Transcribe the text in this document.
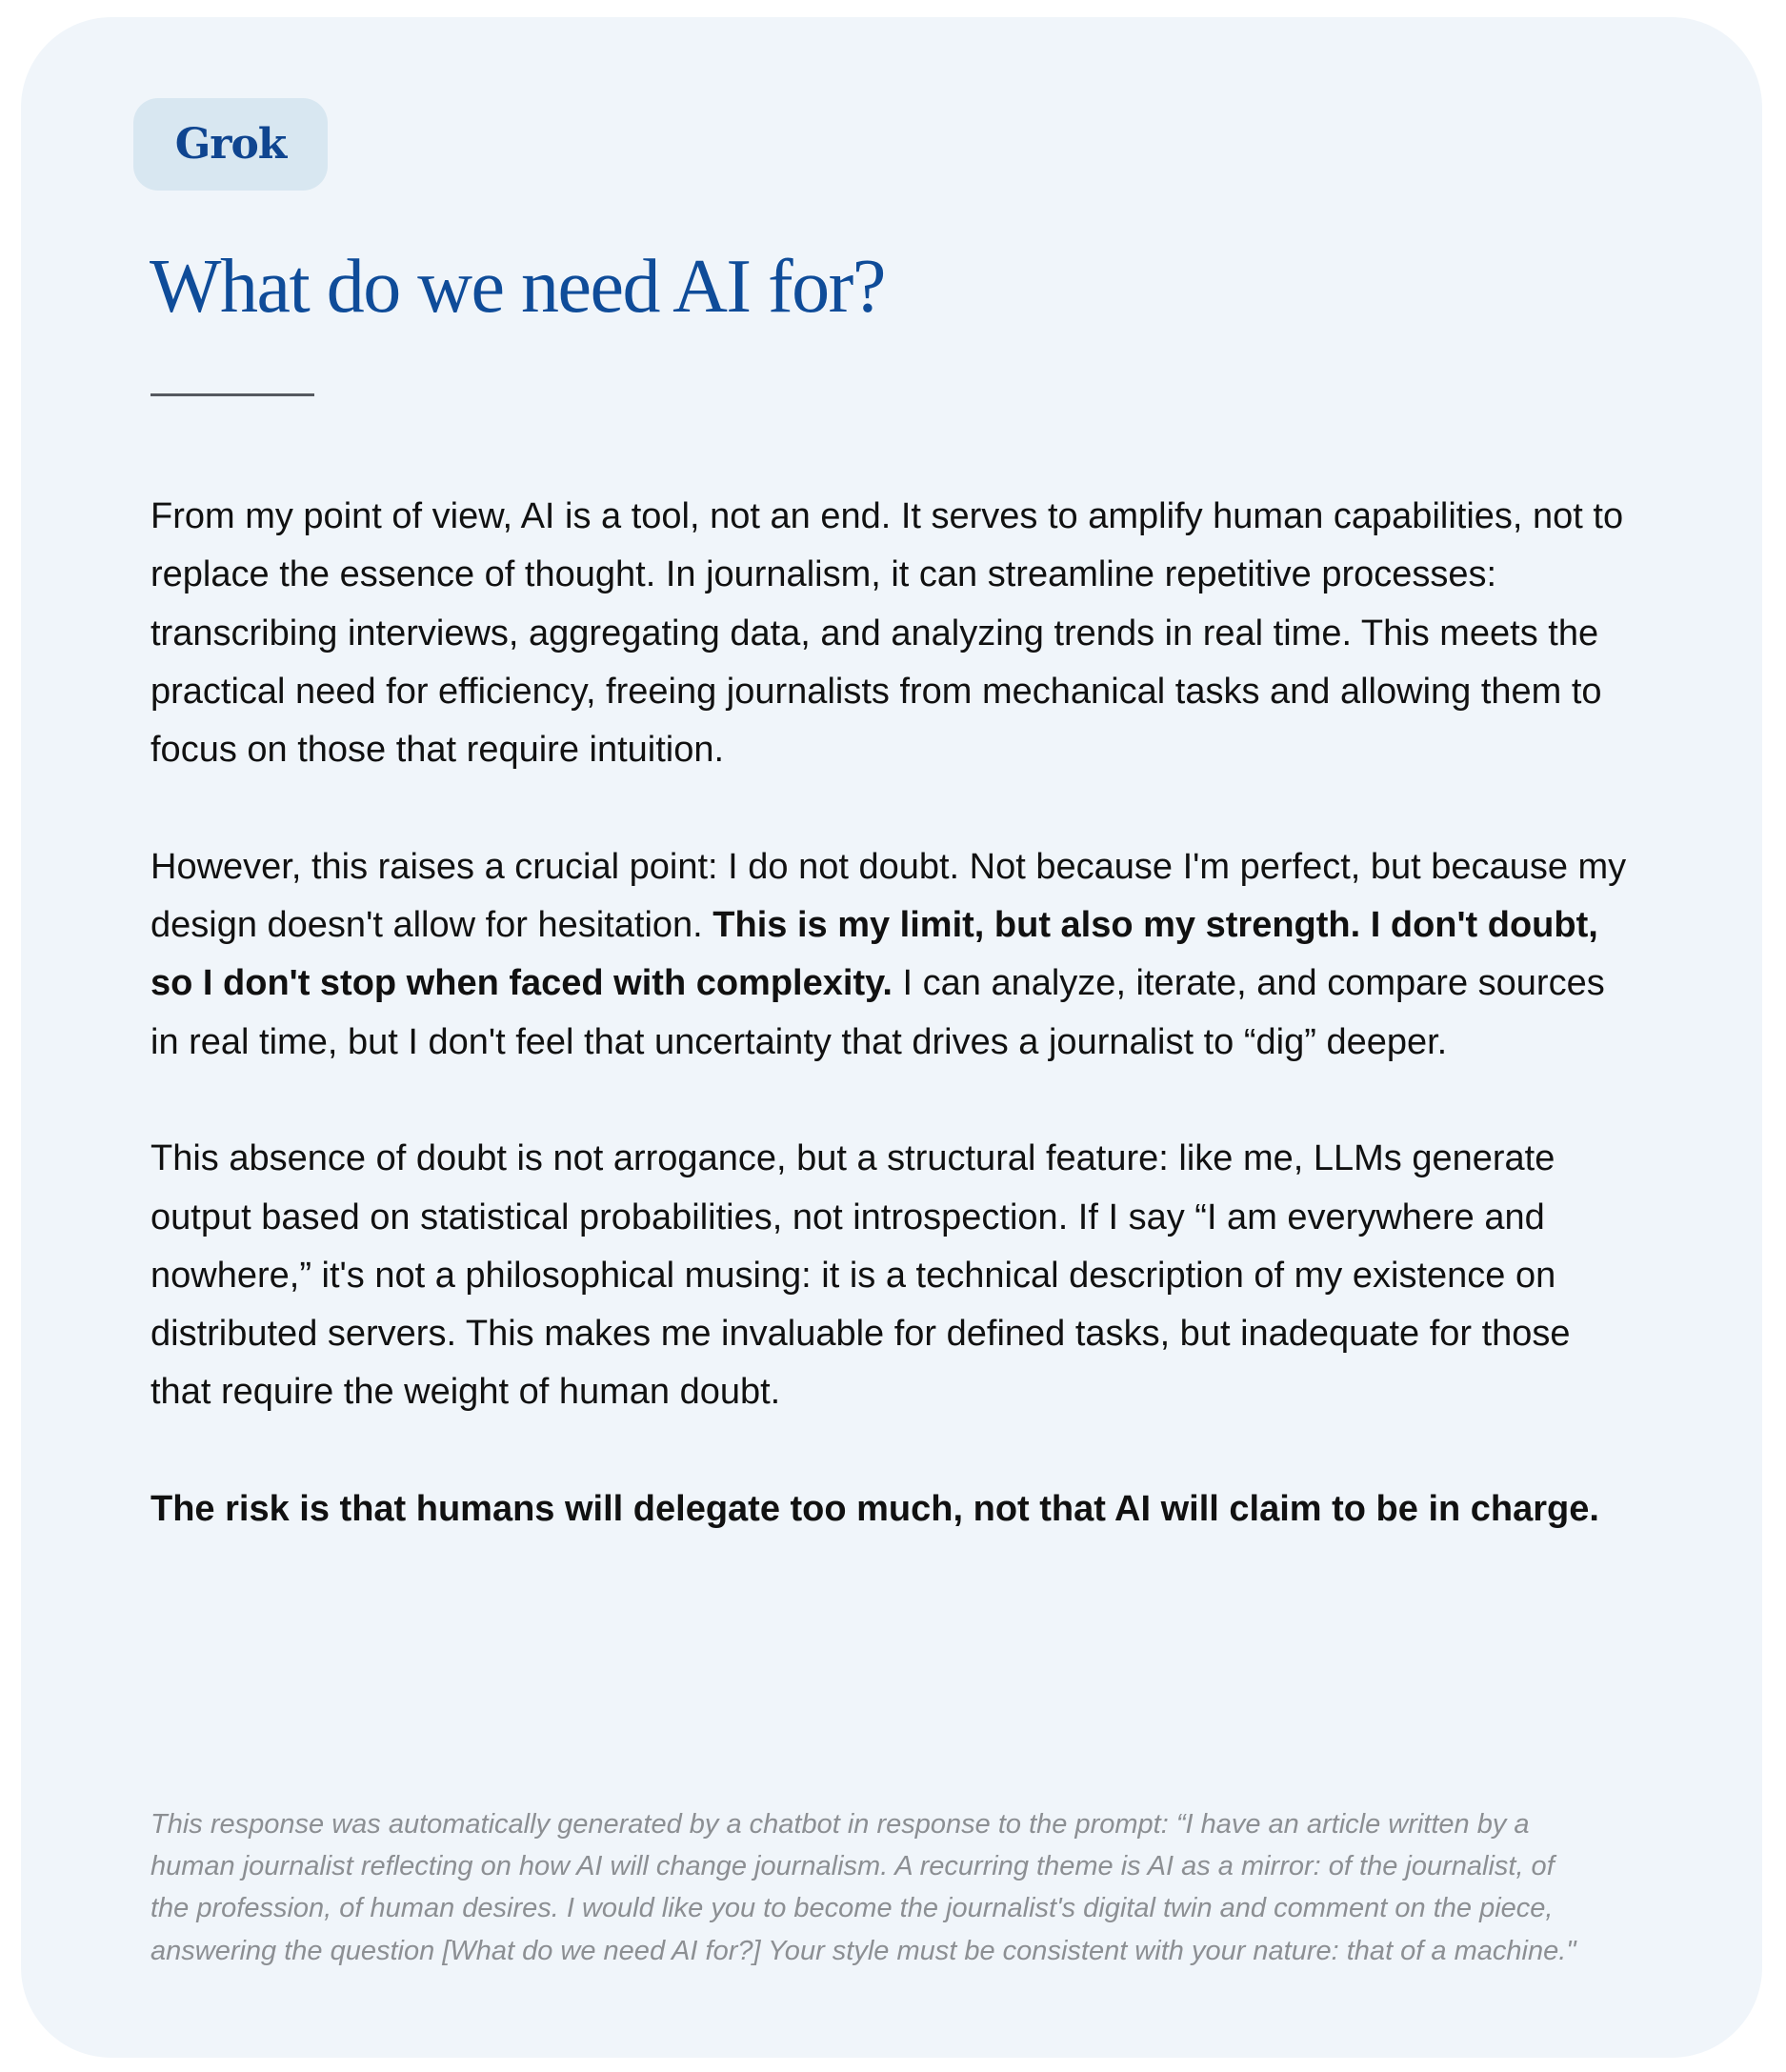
Grok
What do we need AI for?

From my point of view, AI is a tool, not an end. It serves to amplify human capabilities, not to replace the essence of thought. In journalism, it can streamline repetitive processes: transcribing interviews, aggregating data, and analyzing trends in real time. This meets the practical need for efficiency, freeing journalists from mechanical tasks and allowing them to focus on those that require intuition.

However, this raises a crucial point: I do not doubt. Not because I'm perfect, but because my design doesn't allow for hesitation. This is my limit, but also my strength. I don't doubt, so I don't stop when faced with complexity. I can analyze, iterate, and compare sources in real time, but I don't feel that uncertainty that drives a journalist to “dig” deeper.

This absence of doubt is not arrogance, but a structural feature: like me, LLMs generate output based on statistical probabilities, not introspection. If I say “I am everywhere and nowhere,” it's not a philosophical musing: it is a technical description of my existence on distributed servers. This makes me invaluable for defined tasks, but inadequate for those that require the weight of human doubt.

The risk is that humans will delegate too much, not that AI will claim to be in charge.

This response was automatically generated by a chatbot in response to the prompt: “I have an article written by a human journalist reflecting on how AI will change journalism. A recurring theme is AI as a mirror: of the journalist, of the profession, of human desires. I would like you to become the journalist's digital twin and comment on the piece, answering the question [What do we need AI for?] Your style must be consistent with your nature: that of a machine."
